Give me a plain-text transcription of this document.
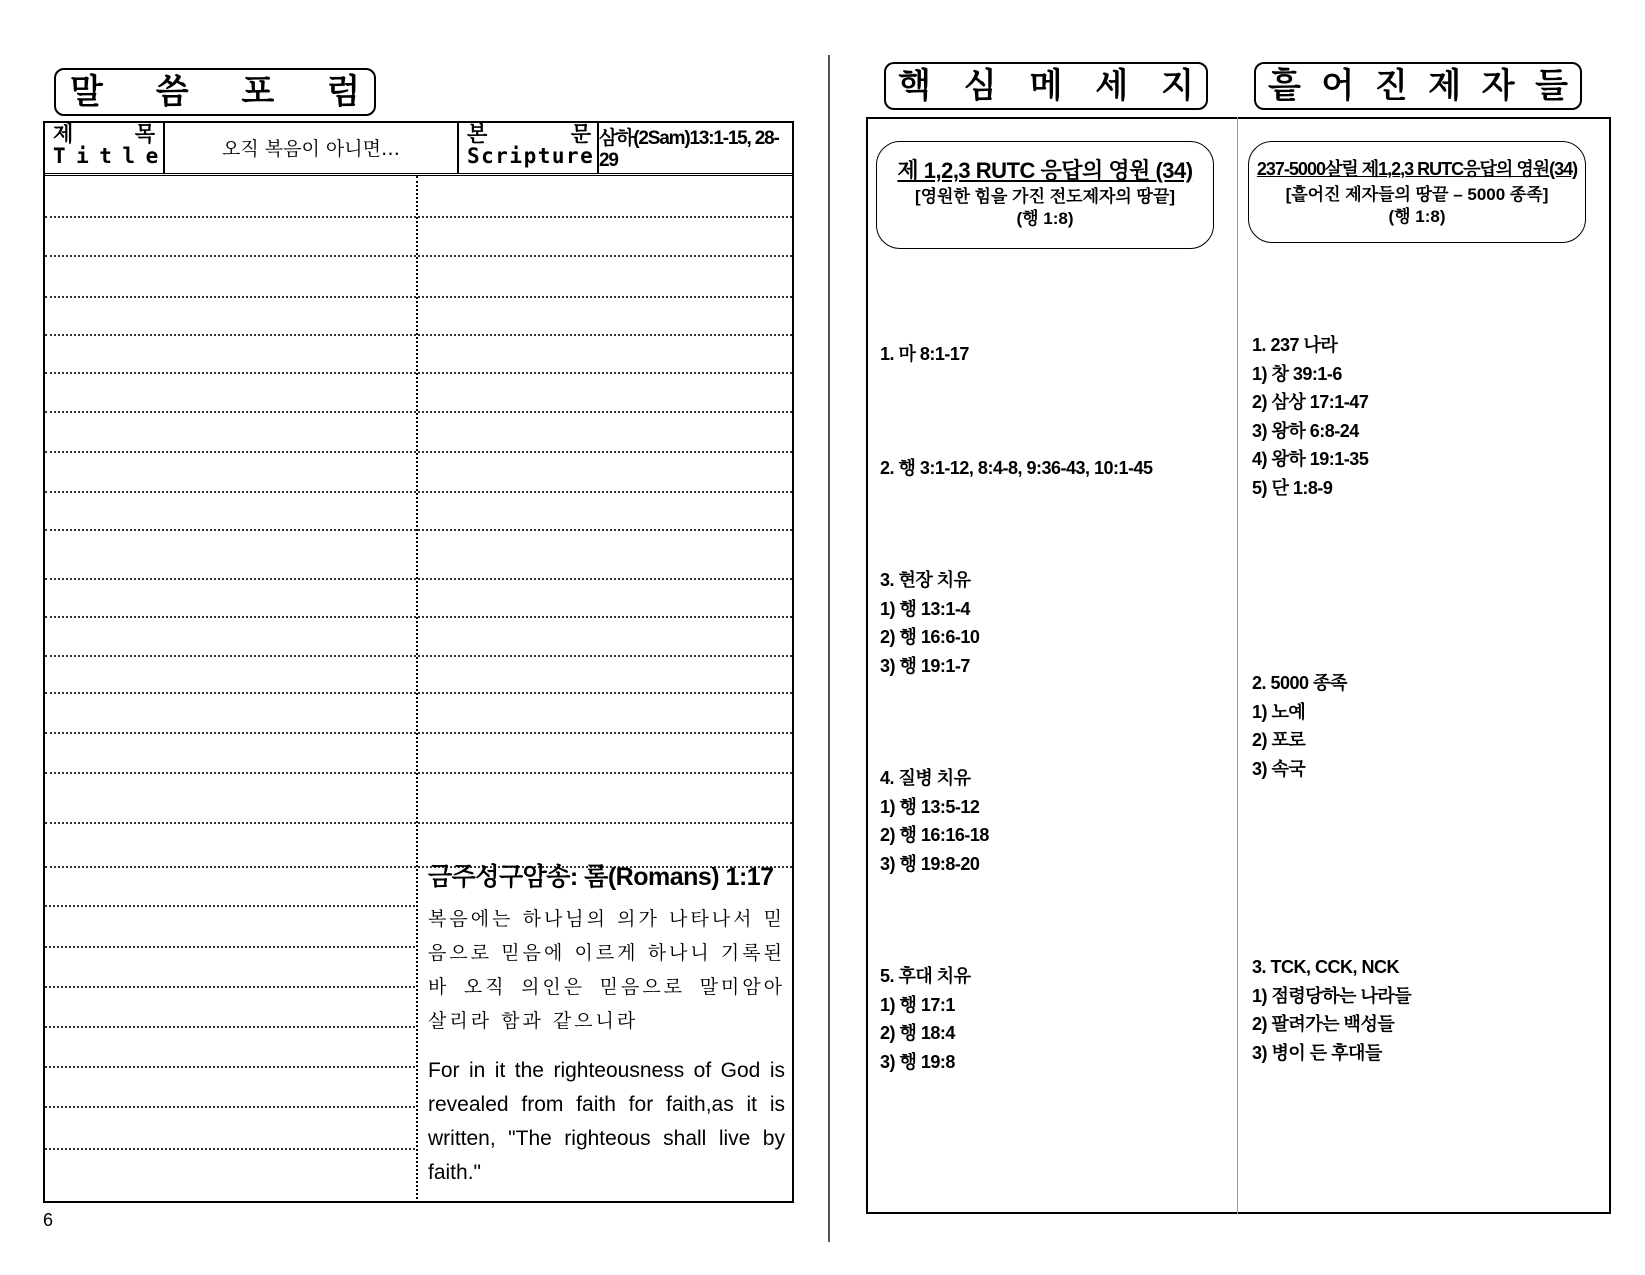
말 씀 포 럼
제	목
Title	오직 복음이 아니면…
본	문
Scripture
삼하(2Sam)13:1-15, 28-29

금주성구암송: 롬(Romans) 1:17

복음에는 하나님의 의가 나타나서 믿음으로 믿음에 이르게 하나니 기록된 바 오직 의인은 믿음으로 말미암아 살리라 함과 같으니라
For in it the righteousness of God is revealed from faith for faith,as it is written, "The righteous shall live by faith."
6
핵 심 메 세 지 흩 어 진 제 자 들
제 1,2,3 RUTC 응답의 영원 (34)
[영원한 힘을 가진 전도제자의 땅끝]
(행 1:8)
237-5000살릴 제1,2,3 RUTC응답의 영원(34)
[흩어진 제자들의 땅끝 – 5000 종족]
(행 1:8)

1. 마 8:1-17

2. 행 3:1-12, 8:4-8, 9:36-43, 10:1-45

3. 현장 치유

1) 행 13:1-4

2) 행 16:6-10

3) 행 19:1-7

4. 질병 치유

1) 행 13:5-12

2) 행 16:16-18

3) 행 19:8-20

5. 후대 치유

1) 행 17:1

2) 행 18:4

3) 행 19:8

1. 237 나라

1) 창 39:1-6

2) 삼상 17:1-47

3) 왕하 6:8-24

4) 왕하 19:1-35

5) 단 1:8-9

2. 5000 종족

1) 노예

2) 포로

3) 속국

3. TCK, CCK, NCK

1) 점령당하는 나라들

2) 팔려가는 백성들

3) 병이 든 후대들
